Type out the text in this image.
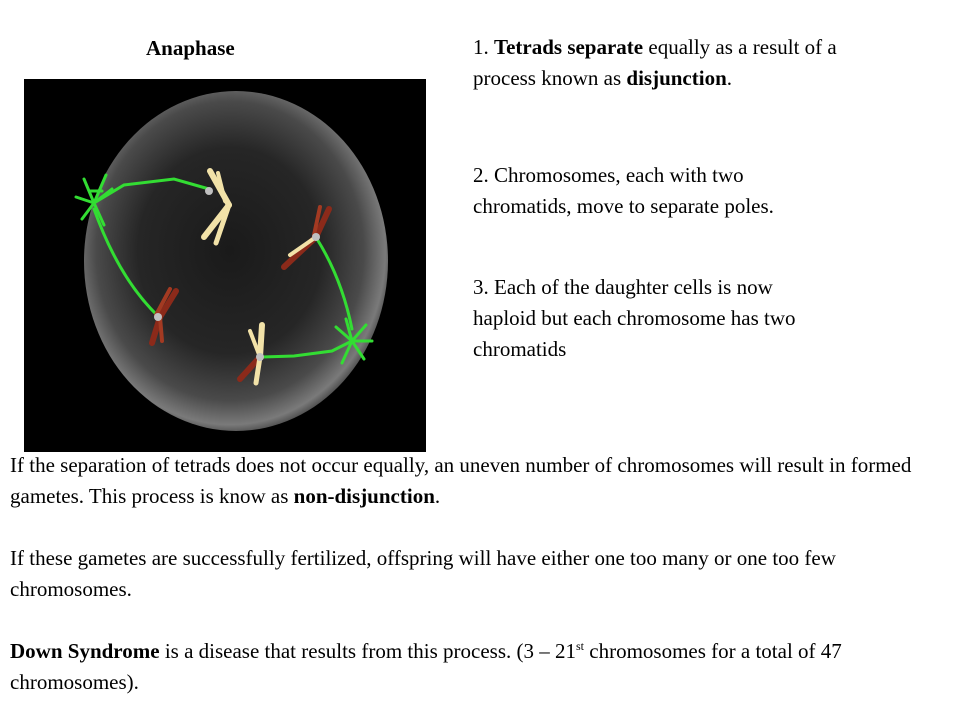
Anaphase	1. Tetrads separate equally as a result of a process known as disjunction.
2. Chromosomes, each with two chromatids, move to separate poles.
3. Each of the daughter cells is now haploid but each chromosome has two chromatids

If the separation of tetrads does not occur equally, an uneven number of chromosomes will result in formed gametes. This process is know as non-disjunction.

If these gametes are successfully fertilized, offspring will have either one too many or one too few chromosomes.

Down Syndrome is a disease that results from this process. (3 – 21st chromosomes for a total of 47 chromosomes).
